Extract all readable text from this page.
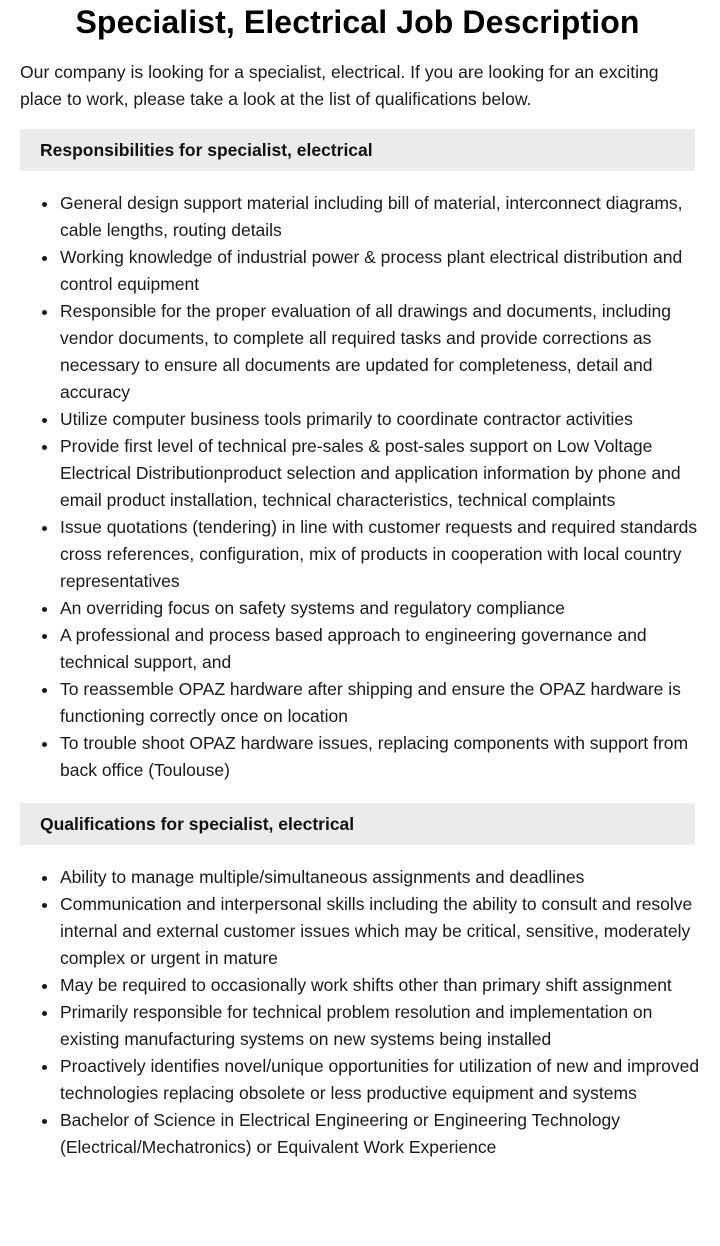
Specialist, Electrical Job Description

Our company is looking for a specialist, electrical. If you are looking for an exciting place to work, please take a look at the list of qualifications below.

Responsibilities for specialist, electrical
General design support material including bill of material, interconnect diagrams, cable lengths, routing details
Working knowledge of industrial power & process plant electrical distribution and control equipment
Responsible for the proper evaluation of all drawings and documents, including vendor documents, to complete all required tasks and provide corrections as necessary to ensure all documents are updated for completeness, detail and accuracy
Utilize computer business tools primarily to coordinate contractor activities
Provide first level of technical pre-sales & post-sales support on Low Voltage Electrical Distributionproduct selection and application information by phone and email product installation, technical characteristics, technical complaints
Issue quotations (tendering) in line with customer requests and required standards cross references, configuration, mix of products in cooperation with local country representatives
An overriding focus on safety systems and regulatory compliance
A professional and process based approach to engineering governance and technical support, and
To reassemble OPAZ hardware after shipping and ensure the OPAZ hardware is functioning correctly once on location
To trouble shoot OPAZ hardware issues, replacing components with support from back office (Toulouse)
Qualifications for specialist, electrical
Ability to manage multiple/simultaneous assignments and deadlines
Communication and interpersonal skills including the ability to consult and resolve internal and external customer issues which may be critical, sensitive, moderately complex or urgent in mature
May be required to occasionally work shifts other than primary shift assignment
Primarily responsible for technical problem resolution and implementation on existing manufacturing systems on new systems being installed
Proactively identifies novel/unique opportunities for utilization of new and improved technologies replacing obsolete or less productive equipment and systems
Bachelor of Science in Electrical Engineering or Engineering Technology (Electrical/Mechatronics) or Equivalent Work Experience
